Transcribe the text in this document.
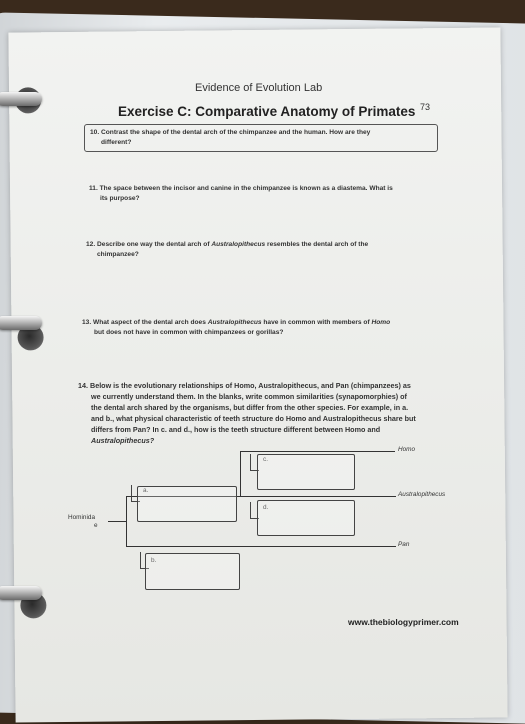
Evidence of Evolution Lab
73
Exercise C: Comparative Anatomy of Primates
10. Contrast the shape of the dental arch of the chimpanzee and the human. How are they
different?
11. The space between the incisor and canine in the chimpanzee is known as a diastema. What is
its purpose?
12. Describe one way the dental arch of Australopithecus resembles the dental arch of the
chimpanzee?
13. What aspect of the dental arch does Australopithecus have in common with members of Homo
but does not have in common with chimpanzees or gorillas?
14. Below is the evolutionary relationships of Homo, Australopithecus, and Pan (chimpanzees) as
we currently understand them. In the blanks, write common similarities (synapomorphies) of
the dental arch shared by the organisms, but differ from the other species. For example, in a.
and b., what physical characteristic of teeth structure do Homo and Australopithecus share but
differs from Pan? In c. and d., how is the teeth structure different between Homo and
Australopithecus?
Homo
Australopithecus
Pan
Hominida
e
a.
c.
d.
b.
www.thebiologyprimer.com
